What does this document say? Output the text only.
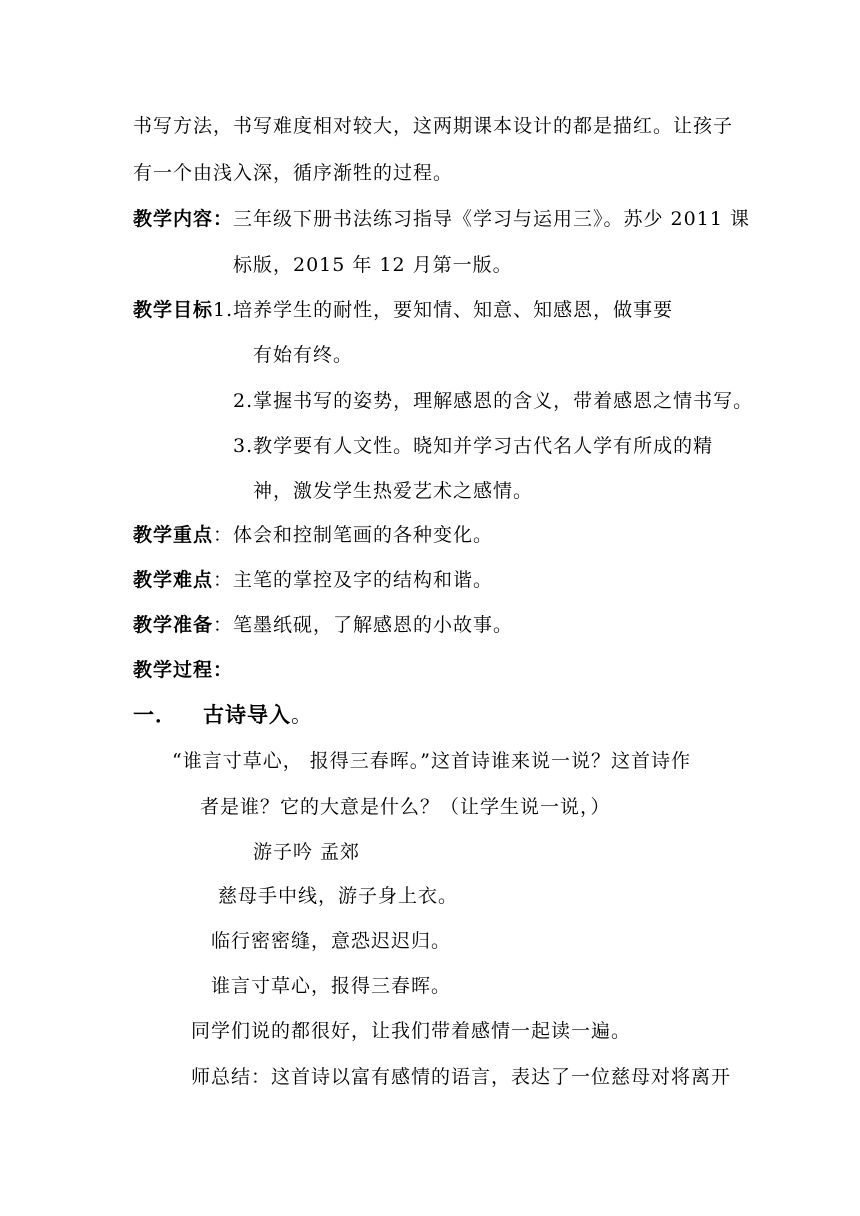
书写方法，书写难度相对较大，这两期课本设计的都是描红。让孩子
有一个由浅入深，循序渐牲的过程。
教学内容：三年级下册书法练习指导《学习与运用三》。苏少 2011 课
标版，2015 年 12 月第一版。
教学目标1.培养学生的耐性，要知情、知意、知感恩，做事要
有始有终。
2.掌握书写的姿势，理解感恩的含义，带着感恩之情书写。
3.教学要有人文性。晓知并学习古代名人学有所成的精
神，激发学生热爱艺术之感情。
教学重点：体会和控制笔画的各种变化。
教学难点：主笔的掌控及字的结构和谐。
教学准备：笔墨纸砚，了解感恩的小故事。
教学过程：
一． 古诗导入。
“谁言寸草心， 报得三春晖。”这首诗谁来说一说？这首诗作
者是谁？它的大意是什么？（让学生说一说，）
游子吟 孟郊
慈母手中线，游子身上衣。
临行密密缝，意恐迟迟归。
谁言寸草心，报得三春晖。
同学们说的都很好，让我们带着感情一起读一遍。
师总结：这首诗以富有感情的语言，表达了一位慈母对将离开
